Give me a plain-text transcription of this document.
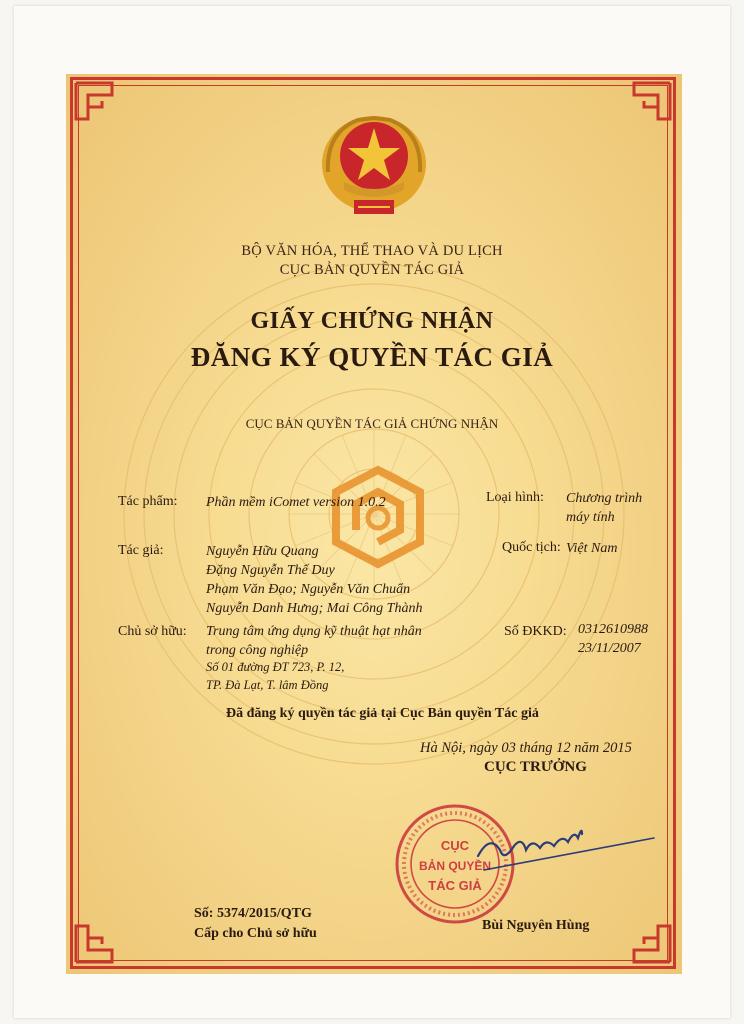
BỘ VĂN HÓA, THỂ THAO VÀ DU LỊCH
CỤC BẢN QUYỀN TÁC GIẢ
GIẤY CHỨNG NHẬN
ĐĂNG KÝ QUYỀN TÁC GIẢ
CỤC BẢN QUYỀN TÁC GIẢ CHỨNG NHẬN
Tác phẩm: Phần mềm iComet version 1.0.2	Loại hình: Chương trình
máy tính
Tác giả:	Nguyễn Hữu Quang
Đặng Nguyễn Thế Duy
Phạm Văn Đạo; Nguyễn Văn Chuẩn
Nguyễn Danh Hưng; Mai Công Thành
Quốc tịch: Việt Nam
Chủ sở hữu: Trung tâm ứng dụng kỹ thuật hạt nhân
trong công nghiệp
Số 01 đường ĐT 723, P. 12,
TP. Đà Lạt, T. lâm Đồng
Số ĐKKD: 0312610988
23/11/2007
Đã đăng ký quyền tác giả tại Cục Bản quyền Tác giả
Hà Nội, ngày 03 tháng 12 năm 2015
CỤC TRƯỞNG
CỤC
BẢN QUYỀN
TÁC GIẢ
Số: 5374/2015/QTG
Cấp cho Chủ sở hữu
Bùi Nguyên Hùng
